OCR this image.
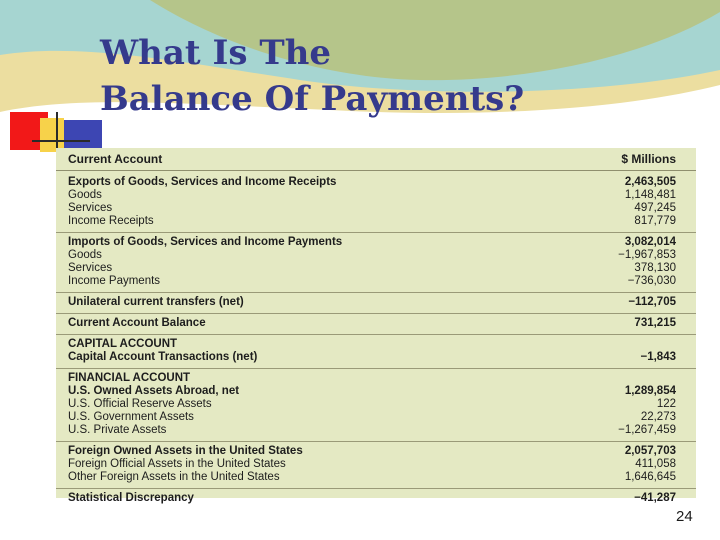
What Is The
Balance Of Payments?
Current Account	$ Millions
Exports of Goods, Services and Income Receipts	2,463,505
Goods	1,148,481
Services	497,245
Income Receipts	817,779
Imports of Goods, Services and Income Payments	3,082,014
Goods	−1,967,853
Services	378,130
Income Payments	−736,030
Unilateral current transfers (net)	−112,705
Current Account Balance	731,215
CAPITAL ACCOUNT
Capital Account Transactions (net)	−1,843
FINANCIAL ACCOUNT
U.S. Owned Assets Abroad, net	1,289,854
U.S. Official Reserve Assets	122
U.S. Government Assets	22,273
U.S. Private Assets	−1,267,459
Foreign Owned Assets in the United States	2,057,703
Foreign Official Assets in the United States	411,058
Other Foreign Assets in the United States	1,646,645
Statistical Discrepancy	−41,287
24
